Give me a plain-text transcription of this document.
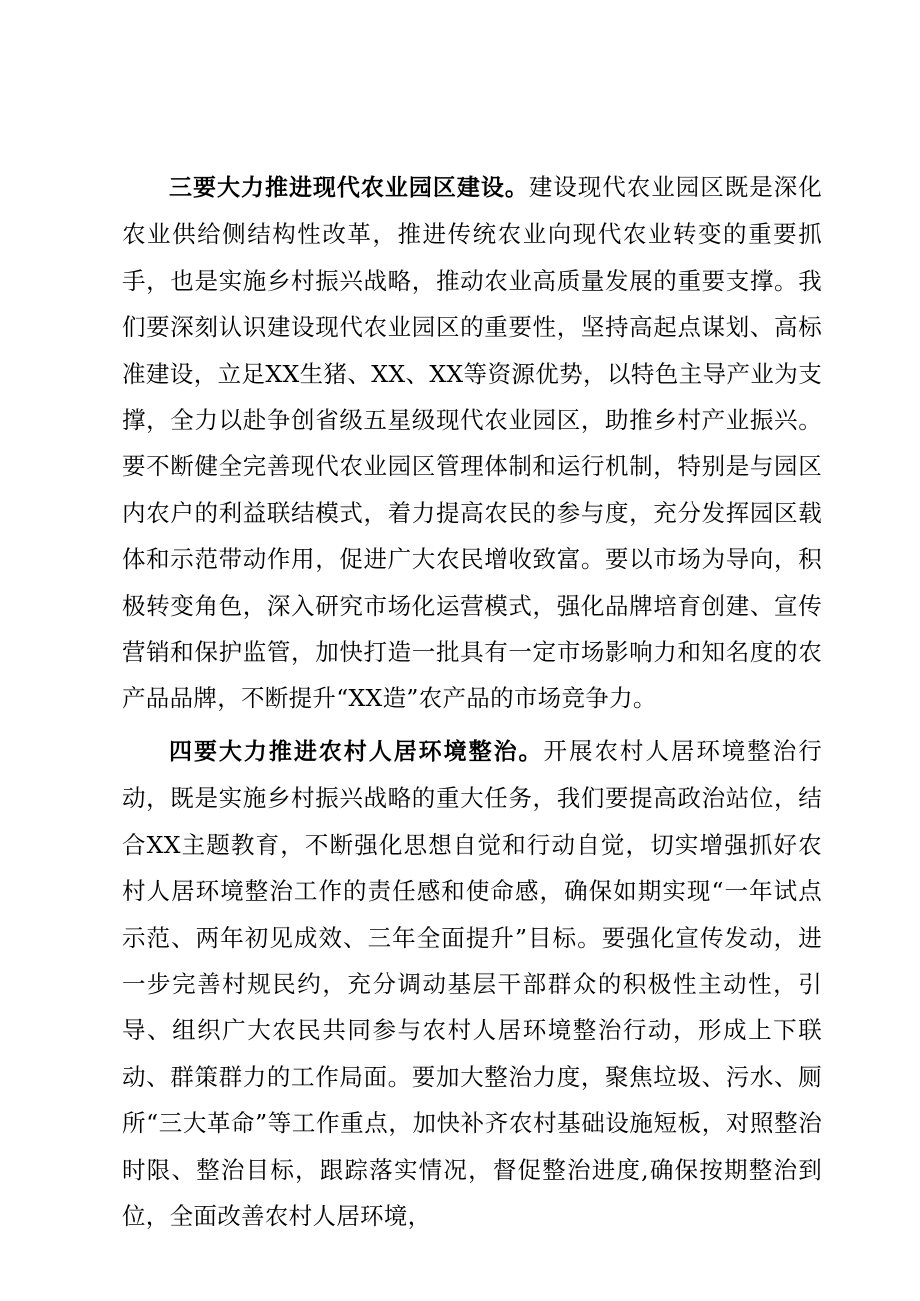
三要大力推进现代农业园区建设。建设现代农业园区既是深化农业供给侧结构性改革，推进传统农业向现代农业转变的重要抓手，也是实施乡村振兴战略，推动农业高质量发展的重要支撑。我们要深刻认识建设现代农业园区的重要性，坚持高起点谋划、高标准建设，立足XX生猪、XX、XX等资源优势，以特色主导产业为支撑，全力以赴争创省级五星级现代农业园区，助推乡村产业振兴。要不断健全完善现代农业园区管理体制和运行机制，特别是与园区内农户的利益联结模式，着力提高农民的参与度，充分发挥园区载体和示范带动作用，促进广大农民增收致富。要以市场为导向，积极转变角色，深入研究市场化运营模式，强化品牌培育创建、宣传营销和保护监管，加快打造一批具有一定市场影响力和知名度的农产品品牌，不断提升“XX造”农产品的市场竞争力。

四要大力推进农村人居环境整治。开展农村人居环境整治行动，既是实施乡村振兴战略的重大任务，我们要提高政治站位，结合XX主题教育，不断强化思想自觉和行动自觉，切实增强抓好农村人居环境整治工作的责任感和使命感，确保如期实现“一年试点示范、两年初见成效、三年全面提升”目标。要强化宣传发动，进一步完善村规民约，充分调动基层干部群众的积极性主动性，引导、组织广大农民共同参与农村人居环境整治行动，形成上下联动、群策群力的工作局面。要加大整治力度，聚焦垃圾、污水、厕所“三大革命”等工作重点，加快补齐农村基础设施短板，对照整治时限、整治目标，跟踪落实情况，督促整治进度,确保按期整治到位，全面改善农村人居环境，
